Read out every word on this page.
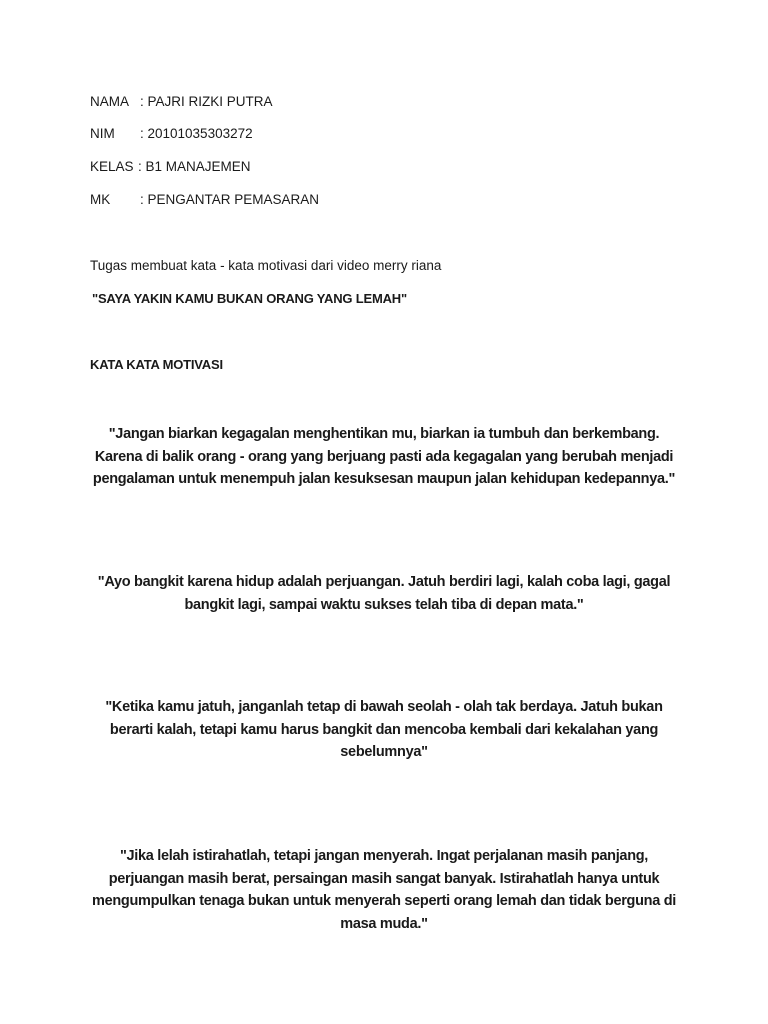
NAMA : PAJRI RIZKI PUTRA
NIM : 20101035303272
KELAS : B1 MANAJEMEN
MK : PENGANTAR PEMASARAN
Tugas membuat kata - kata motivasi dari video merry riana
"SAYA YAKIN KAMU BUKAN ORANG YANG LEMAH"
KATA KATA MOTIVASI
"Jangan biarkan kegagalan menghentikan mu, biarkan ia tumbuh dan berkembang.
Karena di balik orang - orang yang berjuang pasti ada kegagalan yang berubah menjadi
pengalaman untuk menempuh jalan kesuksesan maupun jalan kehidupan kedepannya."
"Ayo bangkit karena hidup adalah perjuangan. Jatuh berdiri lagi, kalah coba lagi, gagal
bangkit lagi, sampai waktu sukses telah tiba di depan mata."
"Ketika kamu jatuh, janganlah tetap di bawah seolah - olah tak berdaya. Jatuh bukan
berarti kalah, tetapi kamu harus bangkit dan mencoba kembali dari kekalahan yang
sebelumnya"
"Jika lelah istirahatlah, tetapi jangan menyerah. Ingat perjalanan masih panjang,
perjuangan masih berat, persaingan masih sangat banyak. Istirahatlah hanya untuk
mengumpulkan tenaga bukan untuk menyerah seperti orang lemah dan tidak berguna di
masa muda."
